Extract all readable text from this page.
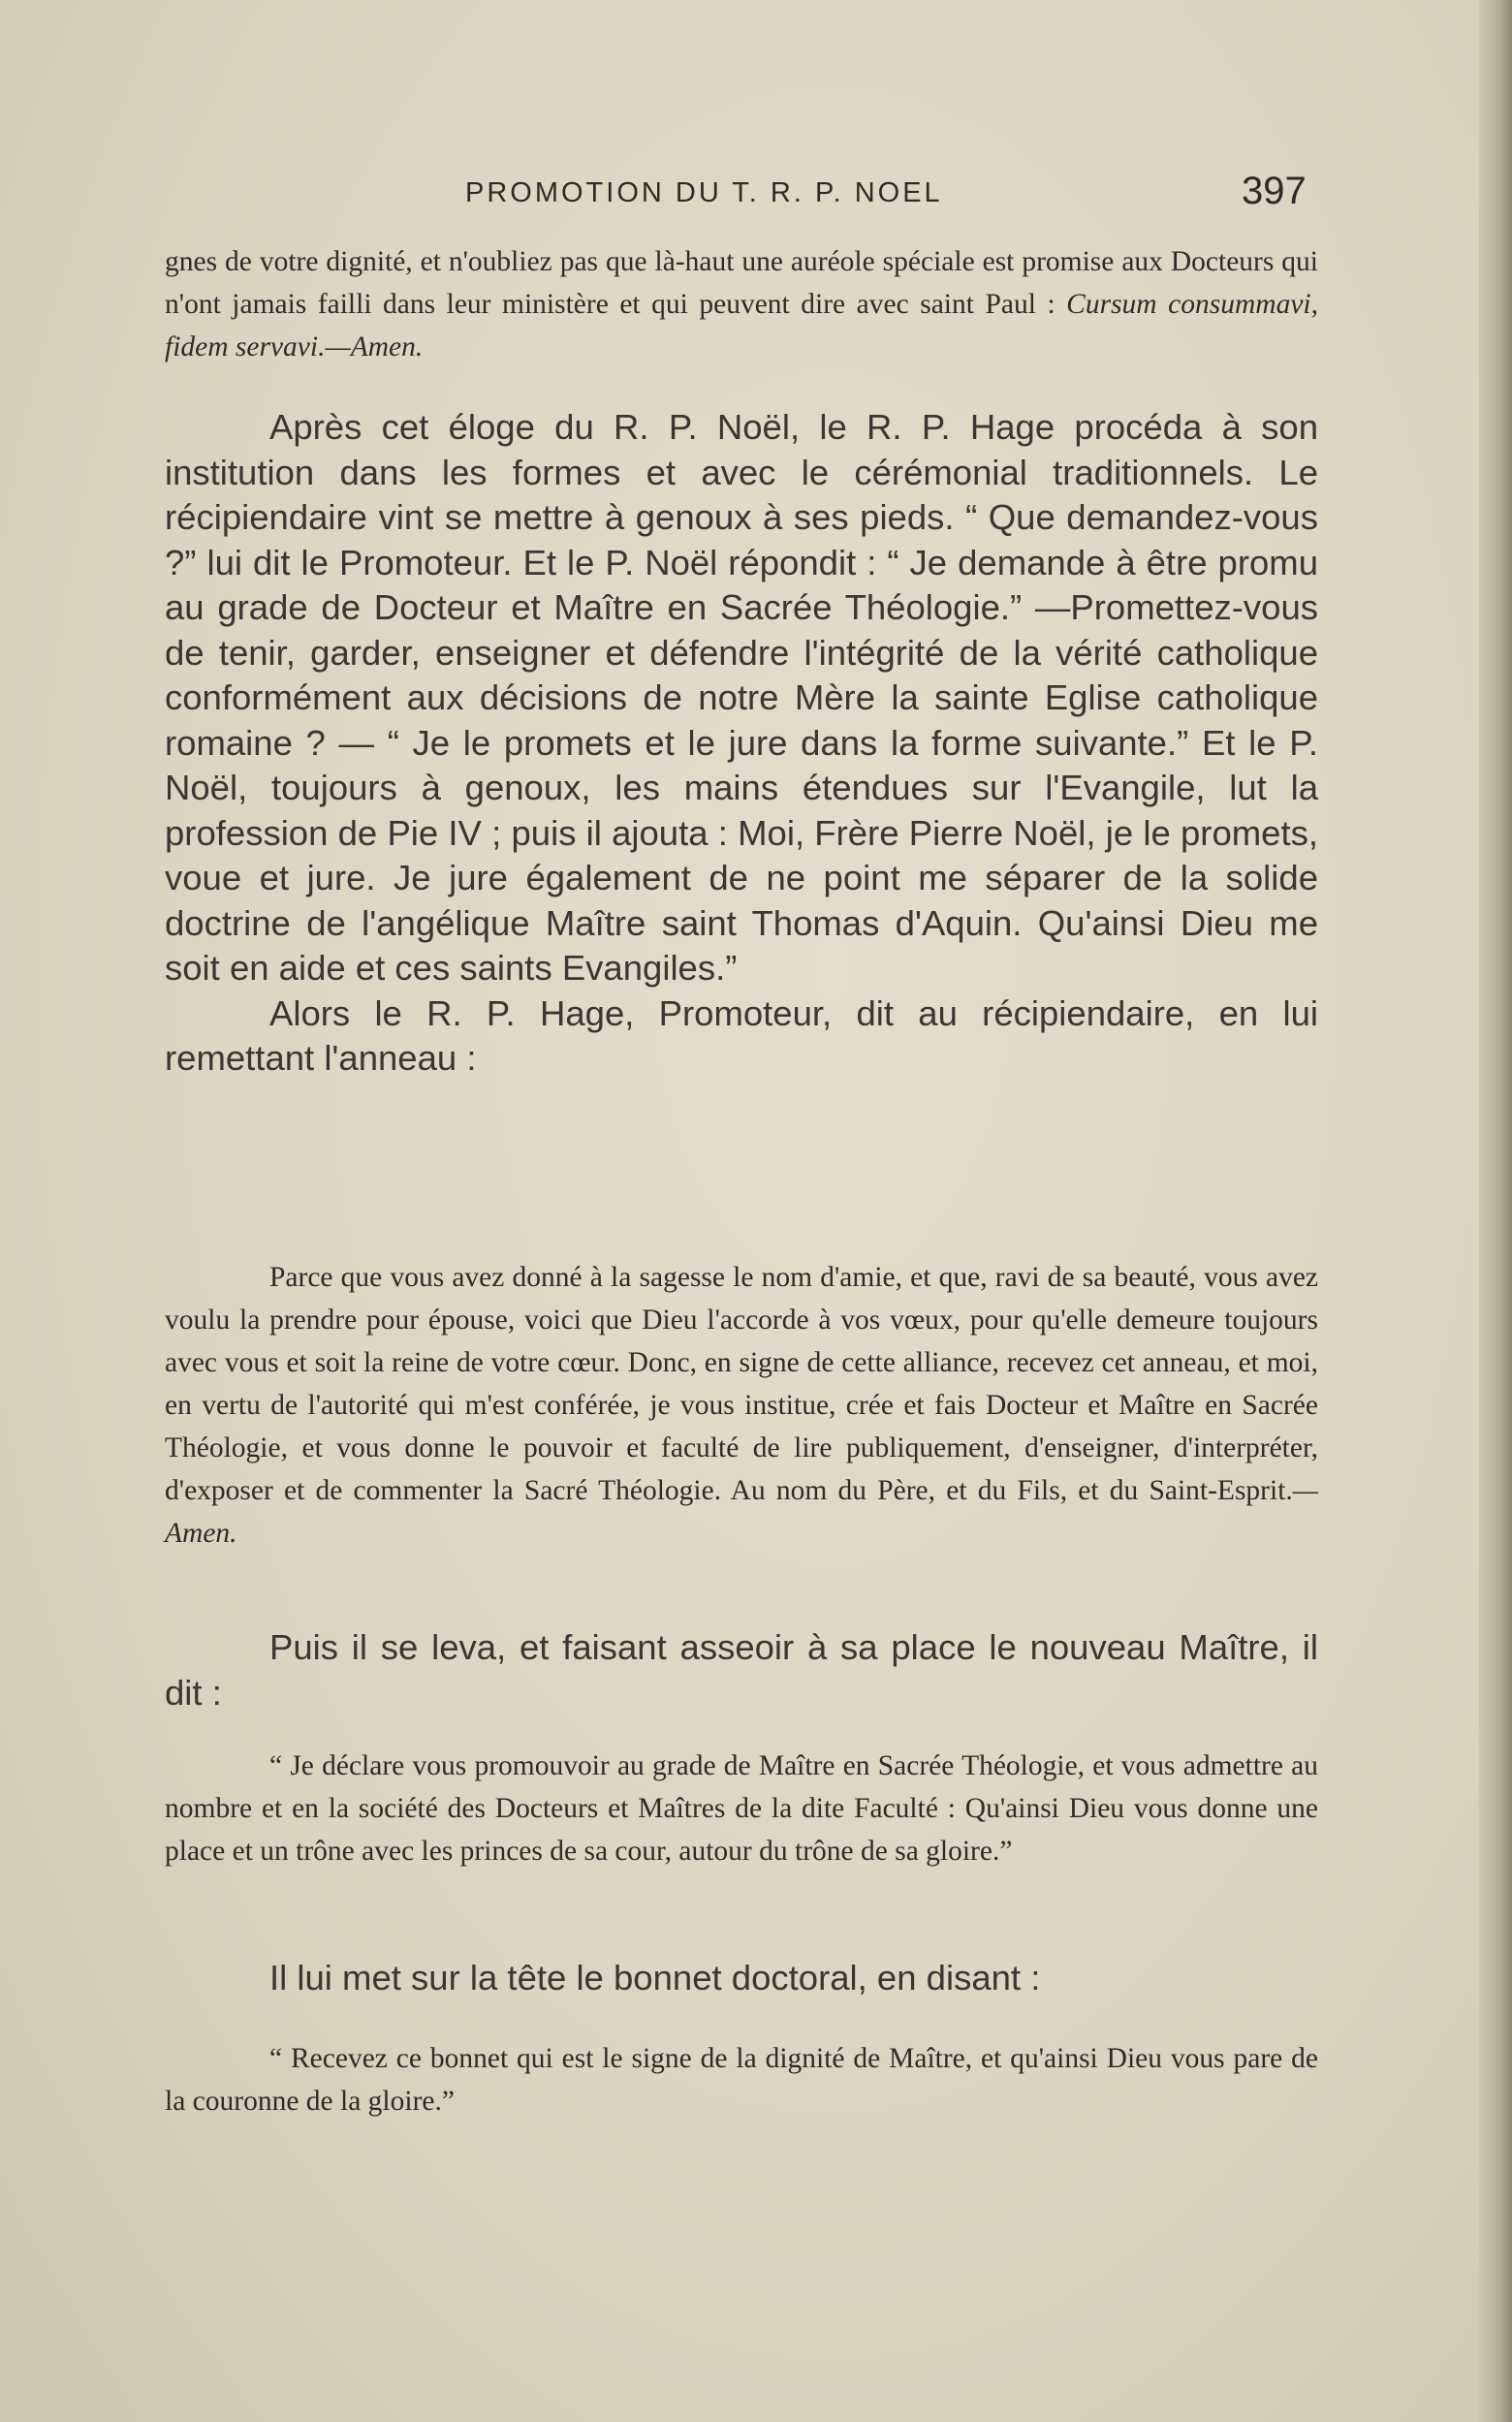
PROMOTION DU T. R. P. NOEL	397

gnes de votre dignité, et n'oubliez pas que là-haut une auréole spéciale est promise aux Docteurs qui n'ont jamais failli dans leur ministère et qui peuvent dire avec saint Paul : Cursum consummavi, fidem servavi.—Amen.

Après cet éloge du R. P. Noël, le R. P. Hage procéda à son institution dans les formes et avec le cérémonial traditionnels. Le récipiendaire vint se mettre à genoux à ses pieds. “ Que demandez-vous ?” lui dit le Promoteur. Et le P. Noël répondit : “ Je demande à être promu au grade de Docteur et Maître en Sacrée Théologie.” —Promettez-vous de tenir, garder, enseigner et défendre l'intégrité de la vérité catholique conformément aux décisions de notre Mère la sainte Eglise catholique romaine ? — “ Je le promets et le jure dans la forme suivante.” Et le P. Noël, toujours à genoux, les mains étendues sur l'Evangile, lut la profession de Pie IV ; puis il ajouta : Moi, Frère Pierre Noël, je le promets, voue et jure. Je jure également de ne point me séparer de la solide doctrine de l'angélique Maître saint Thomas d'Aquin. Qu'ainsi Dieu me soit en aide et ces saints Evangiles.”

Alors le R. P. Hage, Promoteur, dit au récipiendaire, en lui remettant l'anneau :

Parce que vous avez donné à la sagesse le nom d'amie, et que, ravi de sa beauté, vous avez voulu la prendre pour épouse, voici que Dieu l'accorde à vos vœux, pour qu'elle demeure toujours avec vous et soit la reine de votre cœur. Donc, en signe de cette alliance, recevez cet anneau, et moi, en vertu de l'autorité qui m'est conférée, je vous institue, crée et fais Docteur et Maître en Sacrée Théologie, et vous donne le pouvoir et faculté de lire publiquement, d'enseigner, d'interpréter, d'exposer et de commenter la Sacré Théologie. Au nom du Père, et du Fils, et du Saint-Esprit.—Amen.

Puis il se leva, et faisant asseoir à sa place le nouveau Maître, il dit :

“ Je déclare vous promouvoir au grade de Maître en Sacrée Théologie, et vous admettre au nombre et en la société des Docteurs et Maîtres de la dite Faculté : Qu'ainsi Dieu vous donne une place et un trône avec les princes de sa cour, autour du trône de sa gloire.”

Il lui met sur la tête le bonnet doctoral, en disant :

“ Recevez ce bonnet qui est le signe de la dignité de Maître, et qu'ainsi Dieu vous pare de la couronne de la gloire.”
